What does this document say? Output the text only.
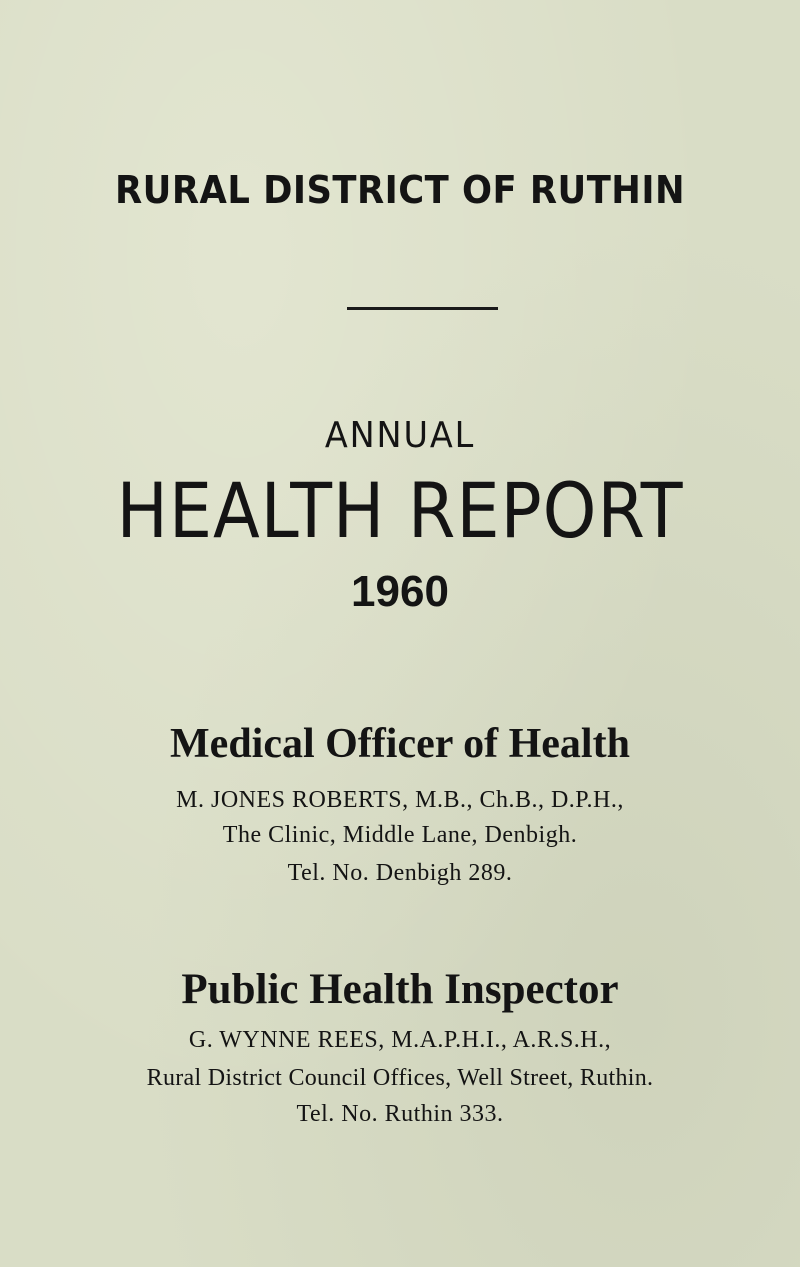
RURAL DISTRICT OF RUTHIN
ANNUAL
HEALTH REPORT
1960
Medical Officer of Health
M. JONES ROBERTS, M.B., Ch.B., D.P.H.,
The Clinic, Middle Lane, Denbigh.
Tel. No. Denbigh 289.
Public Health Inspector
G. WYNNE REES, M.A.P.H.I., A.R.S.H.,
Rural District Council Offices, Well Street, Ruthin.
Tel. No. Ruthin 333.
